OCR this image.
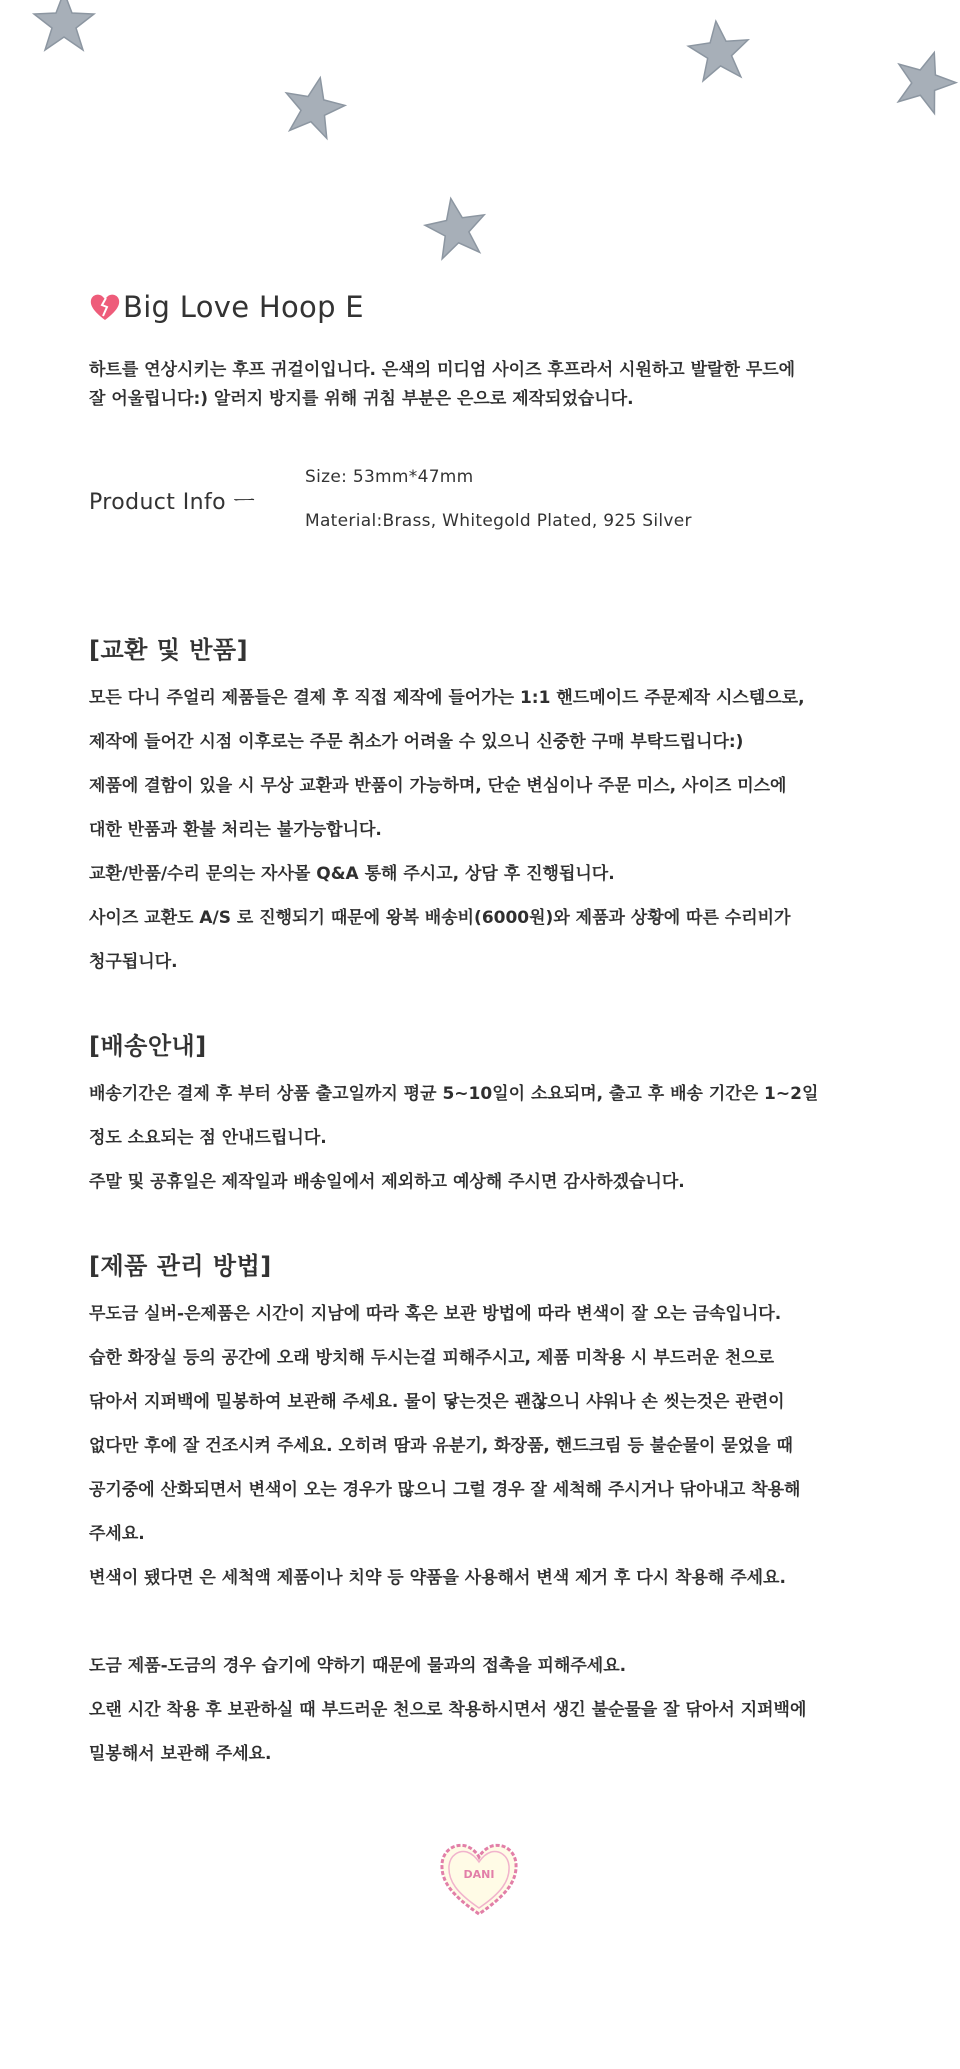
Big Love Hoop E

하트를 연상시키는 후프 귀걸이입니다. 은색의 미디엄 사이즈 후프라서 시원하고 발랄한 무드에

잘 어울립니다:) 알러지 방지를 위해 귀침 부분은 은으로 제작되었습니다.

Product Info ㅡ
Size: 53mm*47mm
Material:Brass, Whitegold Plated, 925 Silver
[교환 및 반품]

모든 다니 주얼리 제품들은 결제 후 직접 제작에 들어가는 1:1 핸드메이드 주문제작 시스템으로,

제작에 들어간 시점 이후로는 주문 취소가 어려울 수 있으니 신중한 구매 부탁드립니다:)

제품에 결함이 있을 시 무상 교환과 반품이 가능하며, 단순 변심이나 주문 미스, 사이즈 미스에

대한 반품과 환불 처리는 불가능합니다.

교환/반품/수리 문의는 자사몰 Q&A 통해 주시고, 상담 후 진행됩니다.

사이즈 교환도 A/S 로 진행되기 때문에 왕복 배송비(6000원)와 제품과 상황에 따른 수리비가

청구됩니다.

[배송안내]

배송기간은 결제 후 부터 상품 출고일까지 평균 5~10일이 소요되며, 출고 후 배송 기간은 1~2일

정도 소요되는 점 안내드립니다.

주말 및 공휴일은 제작일과 배송일에서 제외하고 예상해 주시면 감사하겠습니다.

[제품 관리 방법]

무도금 실버-은제품은 시간이 지남에 따라 혹은 보관 방법에 따라 변색이 잘 오는 금속입니다.

습한 화장실 등의 공간에 오래 방치해 두시는걸 피해주시고, 제품 미착용 시 부드러운 천으로

닦아서 지퍼백에 밀봉하여 보관해 주세요. 물이 닿는것은 괜찮으니 샤워나 손 씻는것은 관련이

없다만 후에 잘 건조시켜 주세요. 오히려 땀과 유분기, 화장품, 핸드크림 등 불순물이 묻었을 때

공기중에 산화되면서 변색이 오는 경우가 많으니 그럴 경우 잘 세척해 주시거나 닦아내고 착용해

주세요.

변색이 됐다면 은 세척액 제품이나 치약 등 약품을 사용해서 변색 제거 후 다시 착용해 주세요.

도금 제품-도금의 경우 습기에 약하기 때문에 물과의 접촉을 피해주세요.

오랜 시간 착용 후 보관하실 때 부드러운 천으로 착용하시면서 생긴 불순물을 잘 닦아서 지퍼백에

밀봉해서 보관해 주세요.

DANI
